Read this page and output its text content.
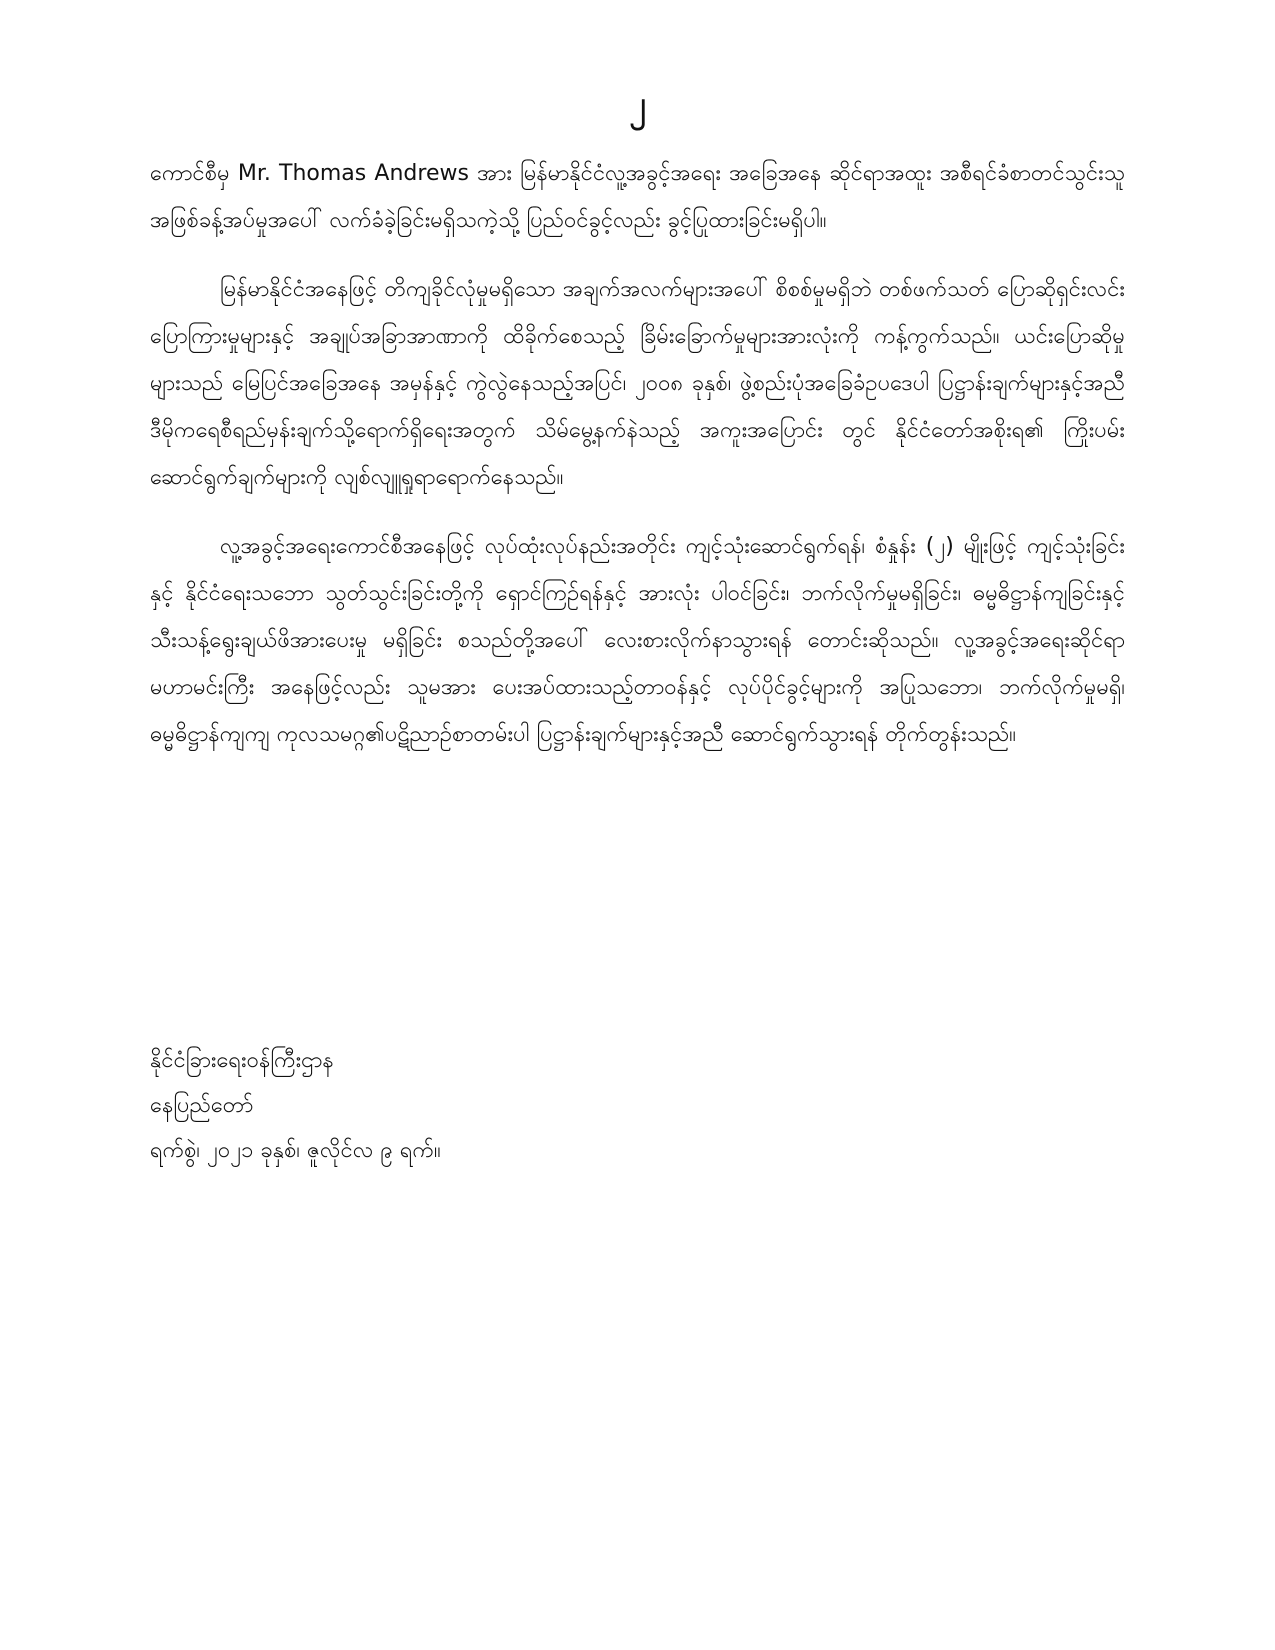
၂

ကောင်စီမှ Mr. Thomas Andrews အား မြန်မာနိုင်ငံလူ့အခွင့်အရေး အခြေအနေ ဆိုင်ရာအထူး အစီရင်ခံစာတင်သွင်းသူအဖြစ်ခန့်အပ်မှုအပေါ် လက်ခံခဲ့ခြင်းမရှိသကဲ့သို့ ပြည်ဝင်ခွင့်လည်း ခွင့်ပြုထားခြင်းမရှိပါ။

မြန်မာနိုင်ငံအနေဖြင့် တိကျခိုင်လုံမှုမရှိသော အချက်အလက်များအပေါ် စိစစ်မှုမရှိဘဲ တစ်ဖက်သတ် ပြောဆိုရှင်းလင်းပြောကြားမှုများနှင့် အချုပ်အခြာအာဏာကို ထိခိုက်စေသည့် ခြိမ်းခြောက်မှုများအားလုံးကို ကန့်ကွက်သည်။ ယင်းပြောဆိုမှုများသည် မြေပြင်အခြေအနေ အမှန်နှင့် ကွဲလွဲနေသည့်အပြင်၊ ၂၀၀၈ ခုနှစ်၊ ဖွဲ့စည်းပုံအခြေခံဥပဒေပါ ပြဋ္ဌာန်းချက်များနှင့်အညီ ဒီမိုကရေစီရည်မှန်းချက်သို့ရောက်ရှိရေးအတွက် သိမ်မွေ့နက်နဲသည့် အကူးအပြောင်း တွင် နိုင်ငံတော်အစိုးရ၏ ကြိုးပမ်းဆောင်ရွက်ချက်များကို လျစ်လျူရှုရာရောက်နေသည်။

လူ့အခွင့်အရေးကောင်စီအနေဖြင့် လုပ်ထုံးလုပ်နည်းအတိုင်း ကျင့်သုံးဆောင်ရွက်ရန်၊ စံနှုန်း (၂) မျိုးဖြင့် ကျင့်သုံးခြင်းနှင့် နိုင်ငံရေးသဘော သွတ်သွင်းခြင်းတို့ကို ရှောင်ကြဉ်ရန်နှင့် အားလုံး ပါဝင်ခြင်း၊ ဘက်လိုက်မှုမရှိခြင်း၊ ဓမ္မဓိဋ္ဌာန်ကျခြင်းနှင့် သီးသန့်ရွေးချယ်ဖိအားပေးမှု မရှိခြင်း စသည်တို့အပေါ် လေးစားလိုက်နာသွားရန် တောင်းဆိုသည်။ လူ့အခွင့်အရေးဆိုင်ရာ မဟာမင်းကြီး အနေဖြင့်လည်း သူမအား ပေးအပ်ထားသည့်တာဝန်နှင့် လုပ်ပိုင်ခွင့်များကို အပြုသဘော၊ ဘက်လိုက်မှုမရှိ၊ ဓမ္မဓိဋ္ဌာန်ကျကျ ကုလသမဂ္ဂ၏ပဋိညာဉ်စာတမ်းပါ ပြဋ္ဌာန်းချက်များနှင့်အညီ ဆောင်ရွက်သွားရန် တိုက်တွန်းသည်။

နိုင်ငံခြားရေးဝန်ကြီးဌာန
နေပြည်တော်
ရက်စွဲ၊ ၂၀၂၁ ခုနှစ်၊ ဇူလိုင်လ ၉ ရက်။
